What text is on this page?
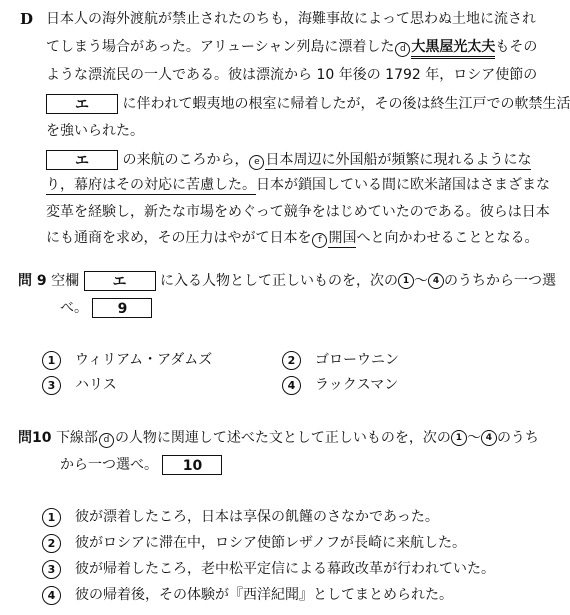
D 日本人の海外渡航が禁止されたのちも，海難事故によって思わぬ土地に流され
てしまう場合があった。アリューシャン列島に漂着した d 大黒屋光太夫もその
ような漂流民の一人である。彼は漂流から 10 年後の 1792 年，ロシア使節の
エ に伴われて蝦夷地の根室に帰着したが，その後は終生江戸での軟禁生活
を強いられた。
エ の来航のころから， e 日本周辺に外国船が頻繁に現れるようにな
り，幕府はその対応に苦慮した。日本が鎖国している間に欧米諸国はさまざまな
変革を経験し，新たな市場をめぐって競争をはじめていたのである。彼らは日本
にも通商を求め，その圧力はやがて日本を f 開国へと向かわせることとなる。
問 9 空欄 エ に入る人物として正しいものを，次の 1 〜 4 のうちから一つ選
べ。 9
1 ウィリアム・アダムズ	2 ゴローウニン
3 ハリス	4 ラックスマン
問10 下線部 d の人物に関連して述べた文として正しいものを，次の 1 〜 4 のうち
から一つ選べ。 10
1 彼が漂着したころ，日本は享保の飢饉のさなかであった。
2 彼がロシアに滞在中，ロシア使節レザノフが長崎に来航した。
3 彼が帰着したころ，老中松平定信による幕政改革が行われていた。
4 彼の帰着後，その体験が『西洋紀聞』としてまとめられた。
